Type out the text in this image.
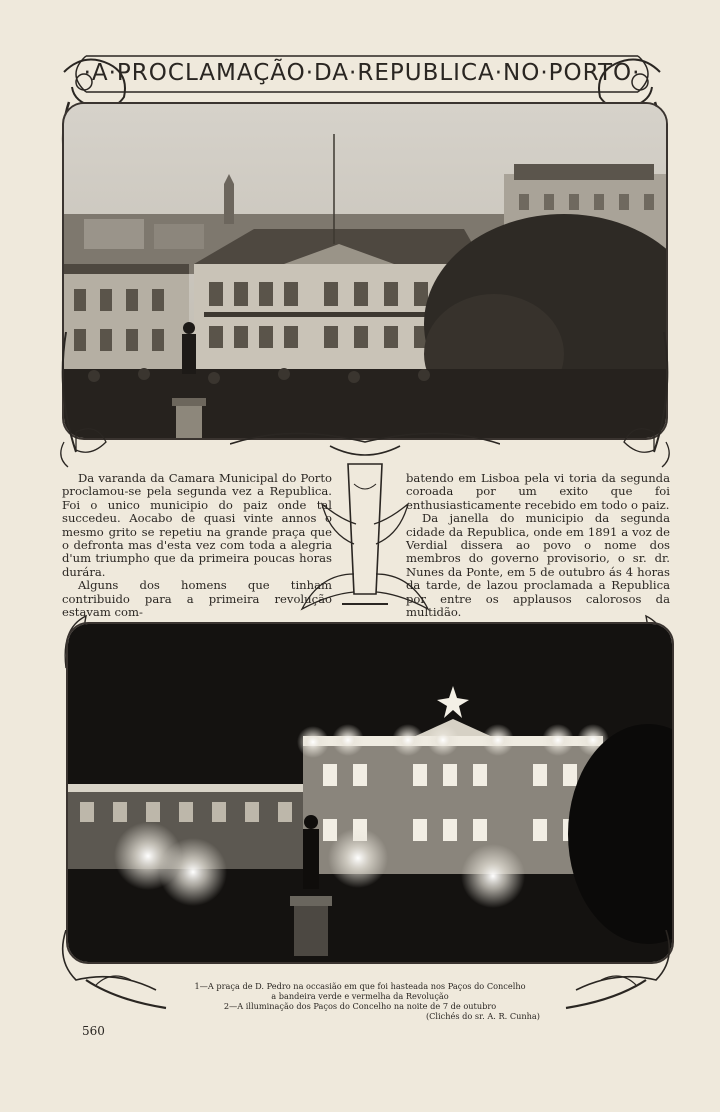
·A·PROCLAMAÇÃO·DA·REPUBLICA·NO·PORTO·

Da varanda da Camara Municipal do Porto proclamou-se pela segunda vez a Republica. Foi o unico municipio do paiz onde tal succedeu. Aocabo de quasi vinte annos o mesmo grito se repetiu na grande praça que o defronta mas d'esta vez com toda a alegria d'um triumpho que da primeira poucas horas durára.

Alguns dos homens que tinham contribuido para a primeira revolução estavam com-

batendo em Lisboa pela vi toria da segunda coroada por um exito que foi enthusiasticamente recebido em todo o paiz.

Da janella do municipio da segunda cidade da Republica, onde em 1891 a voz de Verdial dissera ao povo o nome dos membros do governo provisorio, o sr. dr. Nunes da Ponte, em 5 de outubro ás 4 horas da tarde, de lazou proclamada a Republica por entre os applausos calorosos da multidão.

1—A praça de D. Pedro na occasião em que foi hasteada nos Paços do Concelho
a bandeira verde e vermelha da Revolução
2—A illuminação dos Paços do Concelho na noite de 7 de outubro
(Clichés do sr. A. R. Cunha)
560
